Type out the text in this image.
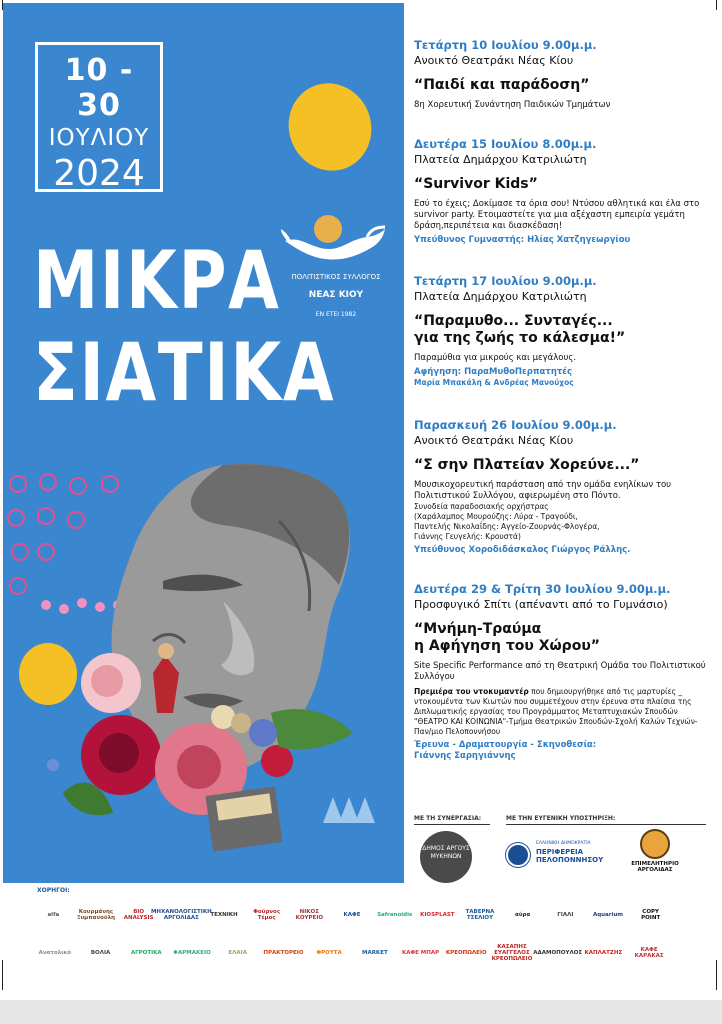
10 - 30
ΙΟΥΛΙΟΥ
2024
ΠΟΛΙΤΙΣΤΙΚΟΣ ΣΥΛΛΟΓΟΣ
ΝΕΑΣ ΚΙΟΥ
ΕΝ ΕΤΕΙ 1982
ΜΙΚΡΑ
ΣΙΑΤΙΚΑ
Τετάρτη 10 Ιουλίου 9.00μ.μ.
Ανοικτό Θεατράκι Νέας Κίου
“Παιδί και παράδοση”
8η Χορευτική Συνάντηση Παιδικών Τμημάτων
Δευτέρα 15 Ιουλίου 8.00μ.μ.
Πλατεία Δημάρχου Κατριλιώτη
“Survivor Kids”
Εσύ το έχεις; Δοκίμασε τα όρια σου! Ντύσου αθλητικά και έλα στο survivor party. Ετοιμαστείτε για μια αξέχαστη εμπειρία γεμάτη δράση,περιπέτεια και διασκέδαση!
Υπεύθυνος Γυμναστής: Ηλίας Χατζηγεωργίου
Τετάρτη 17 Ιουλίου 9.00μ.μ.
Πλατεία Δημάρχου Κατριλιώτη
“Παραμυθο... Συνταγές...
για της ζωής το κάλεσμα!”
Παραμύθια για μικρούς και μεγάλους.
Αφήγηση: ΠαραΜυθοΠερπατητές
Μαρία Μπακάλη & Ανδρέας Μανούχος
Παρασκευή 26 Ιουλίου 9.00μ.μ.
Ανοικτό Θεατράκι Νέας Κίου
“Σ σην Πλατείαν Χορεύνε...”
Μουσικοχορευτική παράσταση από την ομάδα ενηλίκων του Πολιτιστικού Συλλόγου, αφιερωμένη στο Πόντο.
Συνοδεία παραδοσιακής ορχήστρας
(Χαράλαμπος Μουρούζης: Λύρα - Τραγούδι,
Παντελής Νικολαΐδης: Αγγείο-Ζουρνάς-Φλογέρα,
Γιάννης Γευγελής: Κρουστά)
Υπεύθυνος Χοροδιδάσκαλος Γιώργος Ράλλης.
Δευτέρα 29 & Τρίτη 30 Ιουλίου 9.00μ.μ.
Προσφυγικό Σπίτι (απέναντι από το Γυμνάσιο)
“Μνήμη-Τραύμα
η Αφήγηση του Χώρου”
Site Specific Performance από τη Θεατρική Ομάδα του Πολιτιστικού Συλλόγου
Πρεμιέρα του ντοκυμαντέρ που δημιουργήθηκε από τις μαρτυρίες _ ντοκουμέντα των Κιωτών που συμμετέχουν στην έρευνα στα πλαίσια της Διπλωματικής εργασίας του Προγράμματος Μεταπτυχιακών Σπουδών "ΘΕΑΤΡΟ ΚΑΙ ΚΟΙΝΩΝΙΑ"-Τμήμα Θεατρικών Σπουδών-Σχολή Καλών Τεχνών-Παν/μιο Πελοποννήσου
Έρευνα - Δραματουργία - Σκηνοθεσία:
Γιάννης Σαρηγιάννης
ΜΕ ΤΗ ΣΥΝΕΡΓΑΣΙΑ:	ΜΕ ΤΗΝ ΕΥΓΕΝΙΚΗ ΥΠΟΣΤΗΡΙΞΗ:
ΔΗΜΟΣ ΑΡΓΟΥΣ ΜΥΚΗΝΩΝ
ΕΛΛΗΝΙΚΗ ΔΗΜΟΚΡΑΤΙΑ
ΠΕΡΙΦΕΡΕΙΑ ΠΕΛΟΠΟΝΝΗΣΟΥ	ΕΠΙΜΕΛΗΤΗΡΙΟ ΑΡΓΟΛΙΔΑΣ
ΧΟΡΗΓΟΙ:
alfa	Κουρμάνης Ξυμπανούλη
BIO ANALYSIS
ΜΗΧΑΝΟΛΟΓΙΣΤΙΚΗ ΑΡΓΟΛΙΔΑΣ	ΤΕΧΝΙΚΗ	Φούρνος Τέμος
ΝΙΚΟΣ ΚΟΥΡΕΙΟ	ΚΑΦΕ	Safranoidis KIOSPLAST	ΤΑΒΕΡΝΑ ΤΣΕΛΙΟΥ	αύρα	ΓΙΑΛΙ	Aquarium	COPY POINT
Ανατολικό	ΒΟΛΙΑ	ΑΓΡΟΤΙΚΑ	ΦΑΡΜΑΚΕΙΟ	ΕΛΑΙΑ	ΠΡΑΚΤΟΡΕΙΟ	ΦΡΟΥΤΑ	MARKET	ΚΑΦΕ ΜΠΑΡ ΚΡΕΟΠΩΛΕΙΟ
ΚΑΣΑΠΗΣ ΕΥΑΓΓΕΛΟΣ ΚΡΕΟΠΩΛΕΙΟ
ΑΔΑΜΟΠΟΥΛΟΣ ΚΑΠΛΑΤΖΗΣ	ΚΑΦΕ ΚΑΡΑΚΑΣ
